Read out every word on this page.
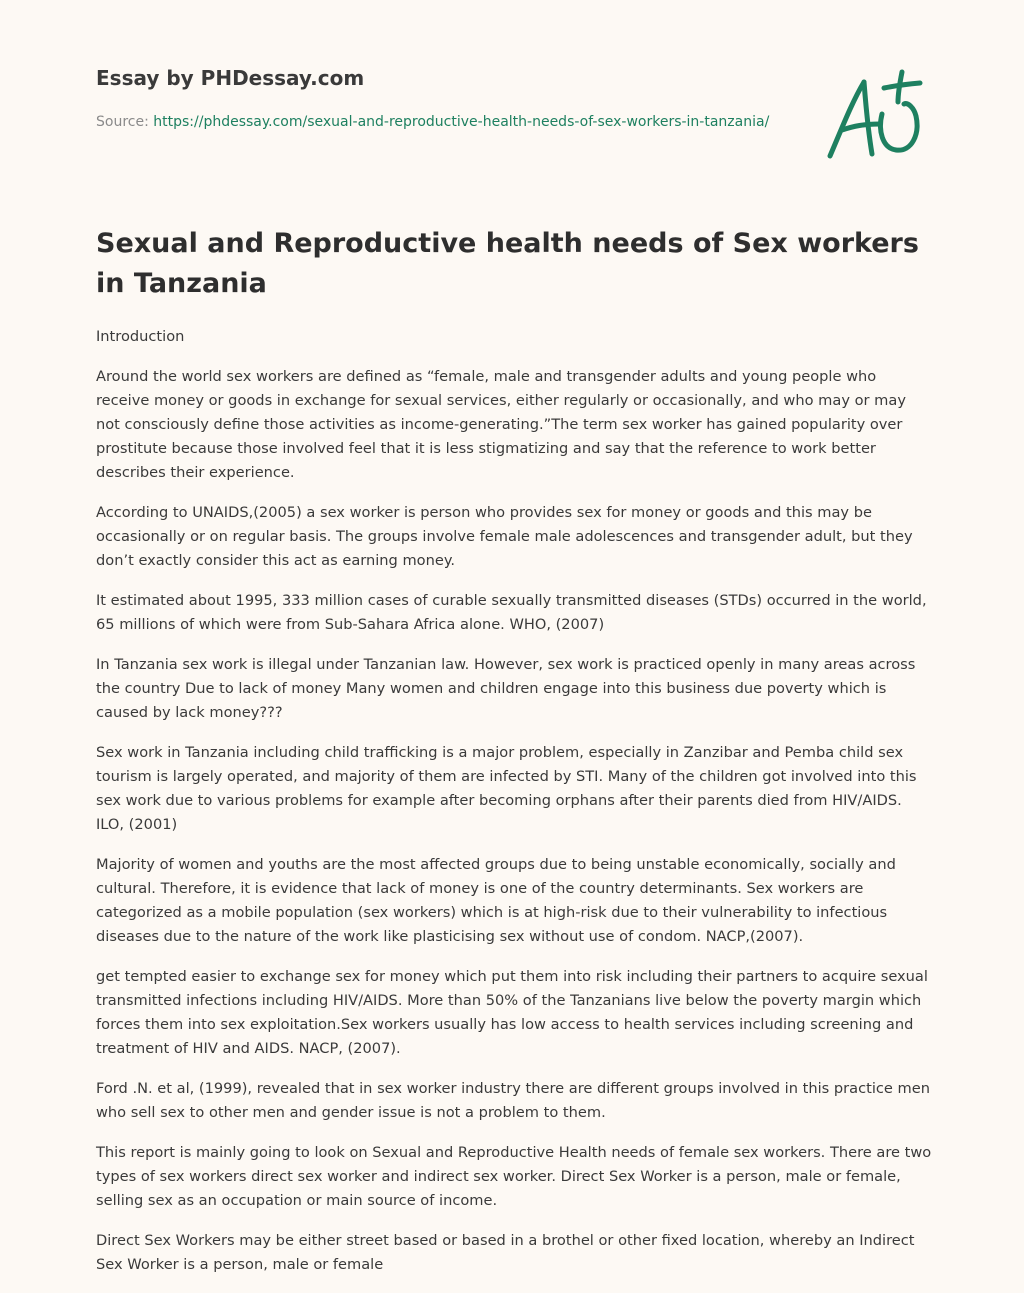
Essay by PHDessay.com
Source: https://phdessay.com/sexual-and-reproductive-health-needs-of-sex-workers-in-tanzania/
Sexual and Reproductive health needs of Sex workers in Tanzania

Introduction

Around the world sex workers are defined as “female, male and transgender adults and young people who receive money or goods in exchange for sexual services, either regularly or occasionally, and who may or may not consciously define those activities as income-generating.”The term sex worker has gained popularity over prostitute because those involved feel that it is less stigmatizing and say that the reference to work better describes their experience.

According to UNAIDS,(2005) a sex worker is person who provides sex for money or goods and this may be occasionally or on regular basis. The groups involve female male adolescences and transgender adult, but they don’t exactly consider this act as earning money.

It estimated about 1995, 333 million cases of curable sexually transmitted diseases (STDs) occurred in the world, 65 millions of which were from Sub-Sahara Africa alone. WHO, (2007)

In Tanzania sex work is illegal under Tanzanian law. However, sex work is practiced openly in many areas across the country Due to lack of money Many women and children engage into this business due poverty which is caused by lack money???

Sex work in Tanzania including child trafficking is a major problem, especially in Zanzibar and Pemba child sex tourism is largely operated, and majority of them are infected by STI. Many of the children got involved into this sex work due to various problems for example after becoming orphans after their parents died from HIV/AIDS. ILO, (2001)

Majority of women and youths are the most affected groups due to being unstable economically, socially and cultural. Therefore, it is evidence that lack of money is one of the country determinants. Sex workers are categorized as a mobile population (sex workers) which is at high-risk due to their vulnerability to infectious diseases due to the nature of the work like plasticising sex without use of condom. NACP,(2007).

get tempted easier to exchange sex for money which put them into risk including their partners to acquire sexual transmitted infections including HIV/AIDS. More than 50% of the Tanzanians live below the poverty margin which forces them into sex exploitation.Sex workers usually has low access to health services including screening and treatment of HIV and AIDS. NACP, (2007).

Ford .N. et al, (1999), revealed that in sex worker industry there are different groups involved in this practice men who sell sex to other men and gender issue is not a problem to them.

This report is mainly going to look on Sexual and Reproductive Health needs of female sex workers. There are two types of sex workers direct sex worker and indirect sex worker. Direct Sex Worker is a person, male or female, selling sex as an occupation or main source of income.

Direct Sex Workers may be either street based or based in a brothel or other fixed location, whereby an Indirect Sex Worker is a person, male or female
